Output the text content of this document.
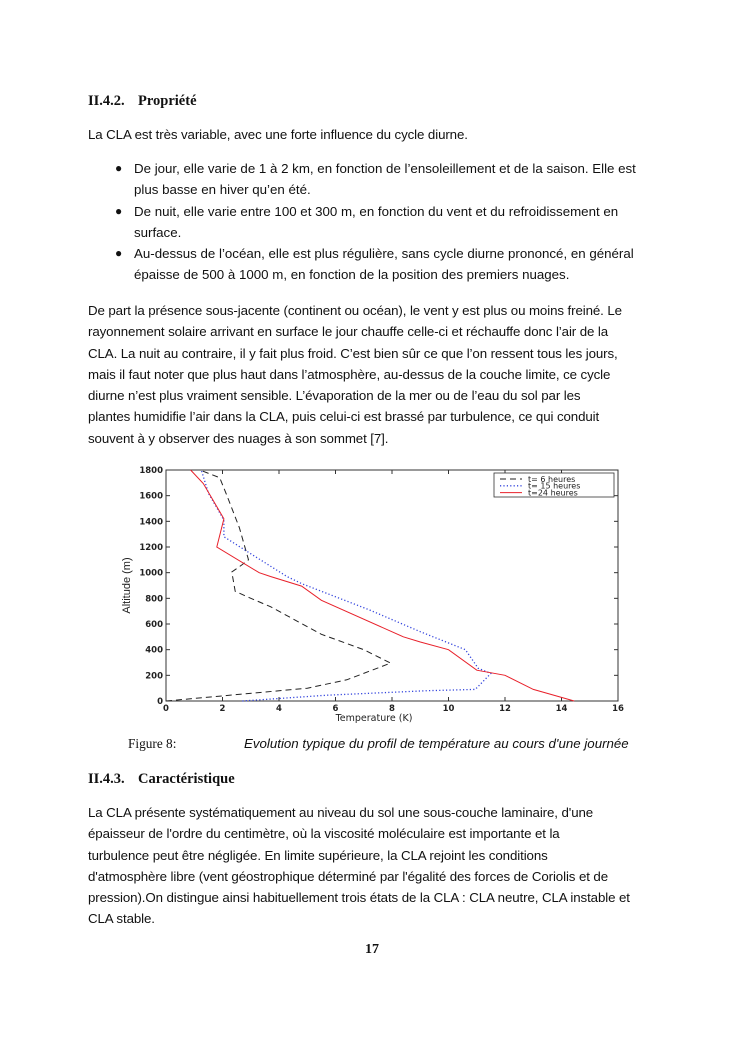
II.4.2. Propriété
La CLA est très variable, avec une forte influence du cycle diurne.
● De jour, elle varie de 1 à 2 km, en fonction de l’ensoleillement et de la saison. Elle est
plus basse en hiver qu’en été.
● De nuit, elle varie entre 100 et 300 m, en fonction du vent et du refroidissement en
surface.
● Au-dessus de l’océan, elle est plus régulière, sans cycle diurne prononcé, en général
épaisse de 500 à 1000 m, en fonction de la position des premiers nuages.
De part la présence sous-jacente (continent ou océan), le vent y est plus ou moins freiné. Le
rayonnement solaire arrivant en surface le jour chauffe celle-ci et réchauffe donc l’air de la
CLA. La nuit au contraire, il y fait plus froid. C’est bien sûr ce que l’on ressent tous les jours,
mais il faut noter que plus haut dans l’atmosphère, au-dessus de la couche limite, ce cycle
diurne n’est plus vraiment sensible. L’évaporation de la mer ou de l’eau du sol par les
plantes humidifie l’air dans la CLA, puis celui-ci est brassé par turbulence, ce qui conduit
souvent à y observer des nuages à son sommet [7].
0	2	4	6	8	10	12	14	16
0
200
400
600
800
1000
1200
1400
1600
1800
t= 6 heures
t= 15 heures
t=24 heures
Temperature (K)
Altitude (m)
Figure 8:	Evolution typique du profil de température au cours d'une journée
II.4.3. Caractéristique
La CLA présente systématiquement au niveau du sol une sous-couche laminaire, d'une
épaisseur de l'ordre du centimètre, où la viscosité moléculaire est importante et la
turbulence peut être négligée. En limite supérieure, la CLA rejoint les conditions
d'atmosphère libre (vent géostrophique déterminé par l'égalité des forces de Coriolis et de
pression).On distingue ainsi habituellement trois états de la CLA : CLA neutre, CLA instable et
CLA stable.
17
